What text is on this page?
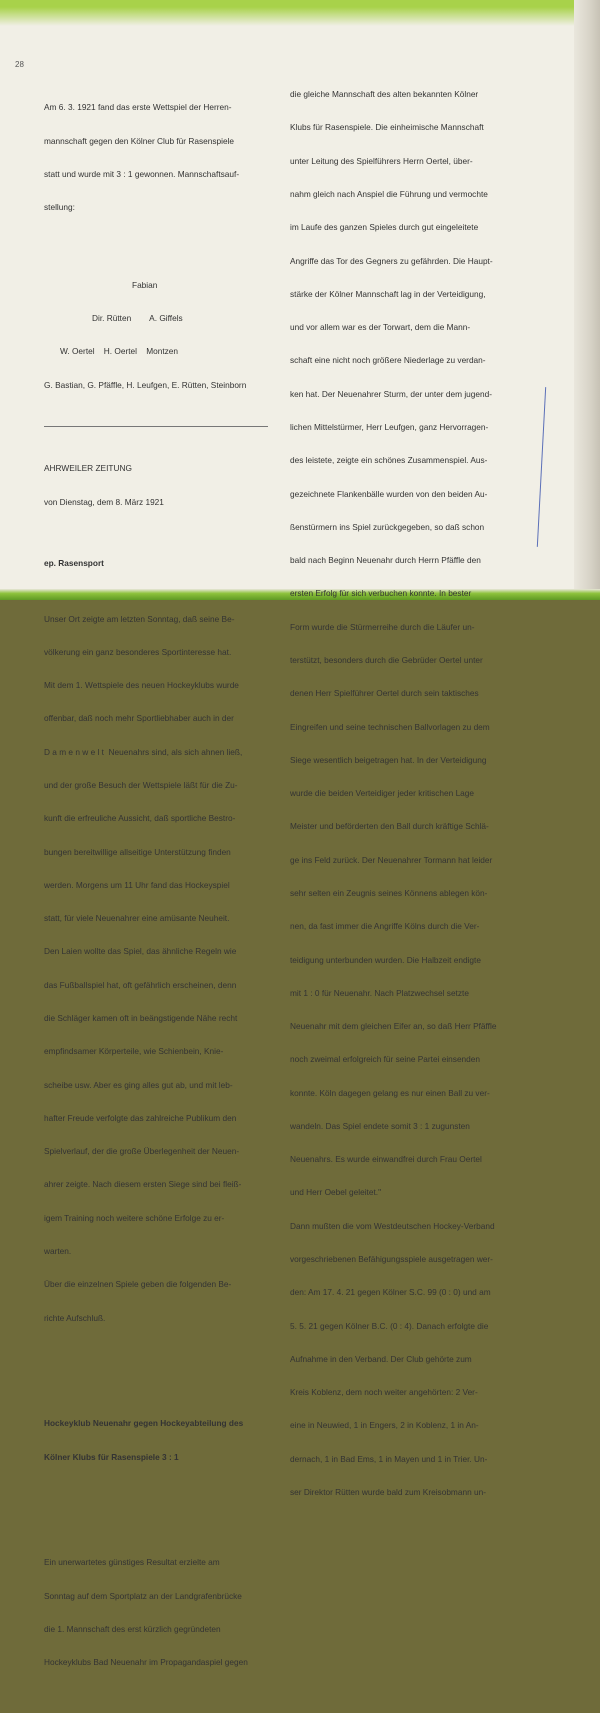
28

Am 6. 3. 1921 fand das erste Wettspiel der Herren-

mannschaft gegen den Kölner Club für Rasenspiele

statt und wurde mit 3 : 1 gewonnen. Mannschaftsauf-

stellung:

Fabian

Dir. Rütten        A. Giffels

W. Oertel    H. Oertel    Montzen

G. Bastian, G. Pfäffle, H. Leufgen, E. Rütten, Steinborn

AHRWEILER ZEITUNG

von Dienstag, dem 8. März 1921

ep. Rasensport

Unser Ort zeigte am letzten Sonntag, daß seine Be-

völkerung ein ganz besonderes Sportinteresse hat.

Mit dem 1. Wettspiele des neuen Hockeyklubs wurde

offenbar, daß noch mehr Sportliebhaber auch in der

D a m e n w e l t  Neuenahrs sind, als sich ahnen ließ,

und der große Besuch der Wettspiele läßt für die Zu-

kunft die erfreuliche Aussicht, daß sportliche Bestro-

bungen bereitwillige allseitige Unterstützung finden

werden. Morgens um 11 Uhr fand das Hockeyspiel

statt, für viele Neuenahrer eine amüsante Neuheit.

Den Laien wollte das Spiel, das ähnliche Regeln wie

das Fußballspiel hat, oft gefährlich erscheinen, denn

die Schläger kamen oft in beängstigende Nähe recht

empfindsamer Körperteile, wie Schienbein, Knie-

scheibe usw. Aber es ging alles gut ab, und mit leb-

hafter Freude verfolgte das zahlreiche Publikum den

Spielverlauf, der die große Überlegenheit der Neuen-

ahrer zeigte. Nach diesem ersten Siege sind bei fleiß-

igem Training noch weitere schöne Erfolge zu er-

warten.

Über die einzelnen Spiele geben die folgenden Be-

richte Aufschluß.

Hockeyklub Neuenahr gegen Hockeyabteilung des

Kölner Klubs für Rasenspiele 3 : 1

Ein unerwartetes günstiges Resultat erzielte am

Sonntag auf dem Sportplatz an der Landgrafenbrücke

die 1. Mannschaft des erst kürzlich gegründeten

Hockeyklubs Bad Neuenahr im Propagandaspiel gegen

die gleiche Mannschaft des alten bekannten Kölner

Klubs für Rasenspiele. Die einheimische Mannschaft

unter Leitung des Spielführers Herrn Oertel, über-

nahm gleich nach Anspiel die Führung und vermochte

im Laufe des ganzen Spieles durch gut eingeleitete

Angriffe das Tor des Gegners zu gefährden. Die Haupt-

stärke der Kölner Mannschaft lag in der Verteidigung,

und vor allem war es der Torwart, dem die Mann-

schaft eine nicht noch größere Niederlage zu verdan-

ken hat. Der Neuenahrer Sturm, der unter dem jugend-

lichen Mittelstürmer, Herr Leufgen, ganz Hervorragen-

des leistete, zeigte ein schönes Zusammenspiel. Aus-

gezeichnete Flankenbälle wurden von den beiden Au-

ßenstürmern ins Spiel zurückgegeben, so daß schon

bald nach Beginn Neuenahr durch Herrn Pfäffle den

ersten Erfolg für sich verbuchen konnte. In bester

Form wurde die Stürmerreihe durch die Läufer un-

terstützt, besonders durch die Gebrüder Oertel unter

denen Herr Spielführer Oertel durch sein taktisches

Eingreifen und seine technischen Ballvorlagen zu dem

Siege wesentlich beigetragen hat. In der Verteidigung

wurde die beiden Verteidiger jeder kritischen Lage

Meister und beförderten den Ball durch kräftige Schlä-

ge ins Feld zurück. Der Neuenahrer Tormann hat leider

sehr selten ein Zeugnis seines Könnens ablegen kön-

nen, da fast immer die Angriffe Kölns durch die Ver-

teidigung unterbunden wurden. Die Halbzeit endigte

mit 1 : 0 für Neuenahr. Nach Platzwechsel setzte

Neuenahr mit dem gleichen Eifer an, so daß Herr Pfäffle

noch zweimal erfolgreich für seine Partei einsenden

konnte. Köln dagegen gelang es nur einen Ball zu ver-

wandeln. Das Spiel endete somit 3 : 1 zugunsten

Neuenahrs. Es wurde einwandfrei durch Frau Oertel

und Herr Oebel geleitet."

Dann mußten die vom Westdeutschen Hockey-Verband

vorgeschriebenen Befähigungsspiele ausgetragen wer-

den: Am 17. 4. 21 gegen Kölner S.C. 99 (0 : 0) und am

5. 5. 21 gegen Kölner B.C. (0 : 4). Danach erfolgte die

Aufnahme in den Verband. Der Club gehörte zum

Kreis Koblenz, dem noch weiter angehörten: 2 Ver-

eine in Neuwied, 1 in Engers, 2 in Koblenz, 1 in An-

dernach, 1 in Bad Ems, 1 in Mayen und 1 in Trier. Un-

ser Direktor Rütten wurde bald zum Kreisobmann un-
